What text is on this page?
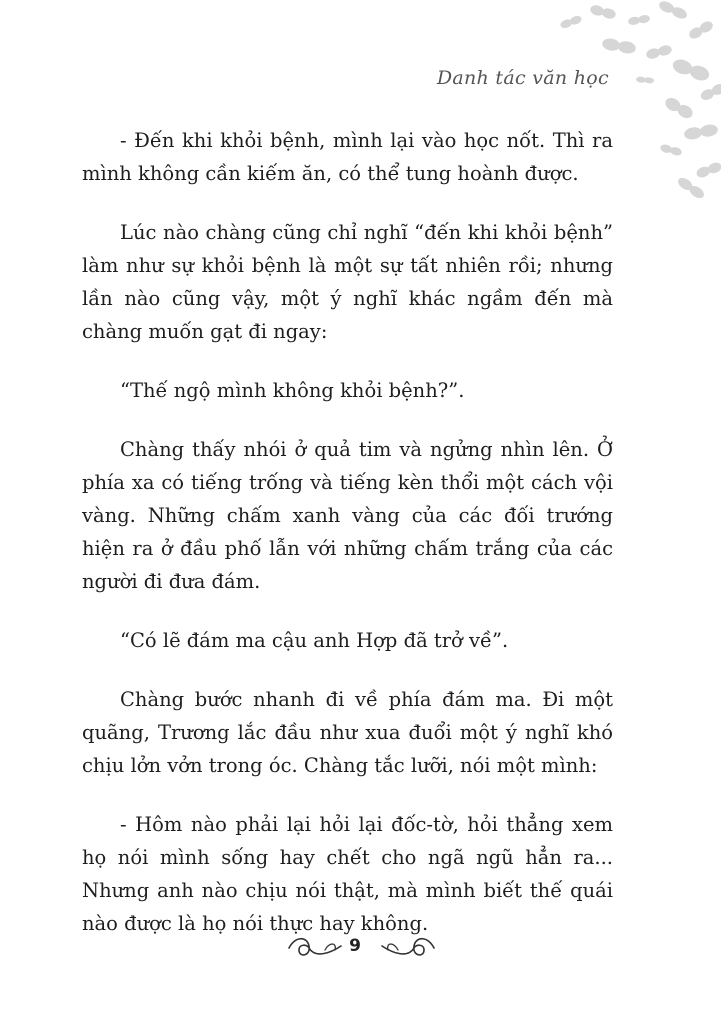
Danh tác văn học

- Đến khi khỏi bệnh, mình lại vào học nốt. Thì ra mình không cần kiếm ăn, có thể tung hoành được.

Lúc nào chàng cũng chỉ nghĩ “đến khi khỏi bệnh” làm như sự khỏi bệnh là một sự tất nhiên rồi; nhưng lần nào cũng vậy, một ý nghĩ khác ngầm đến mà chàng muốn gạt đi ngay:

“Thế ngộ mình không khỏi bệnh?”.

Chàng thấy nhói ở quả tim và ngửng nhìn lên. Ở phía xa có tiếng trống và tiếng kèn thổi một cách vội vàng. Những chấm xanh vàng của các đối trướng hiện ra ở đầu phố lẫn với những chấm trắng của các người đi đưa đám.

“Có lẽ đám ma cậu anh Hợp đã trở về”.

Chàng bước nhanh đi về phía đám ma. Đi một quãng, Trương lắc đầu như xua đuổi một ý nghĩ khó chịu lởn vởn trong óc. Chàng tắc lưỡi, nói một mình:

- Hôm nào phải lại hỏi lại đốc-tờ, hỏi thẳng xem họ nói mình sống hay chết cho ngã ngũ hẳn ra... Nhưng anh nào chịu nói thật, mà mình biết thế quái nào được là họ nói thực hay không.

9
